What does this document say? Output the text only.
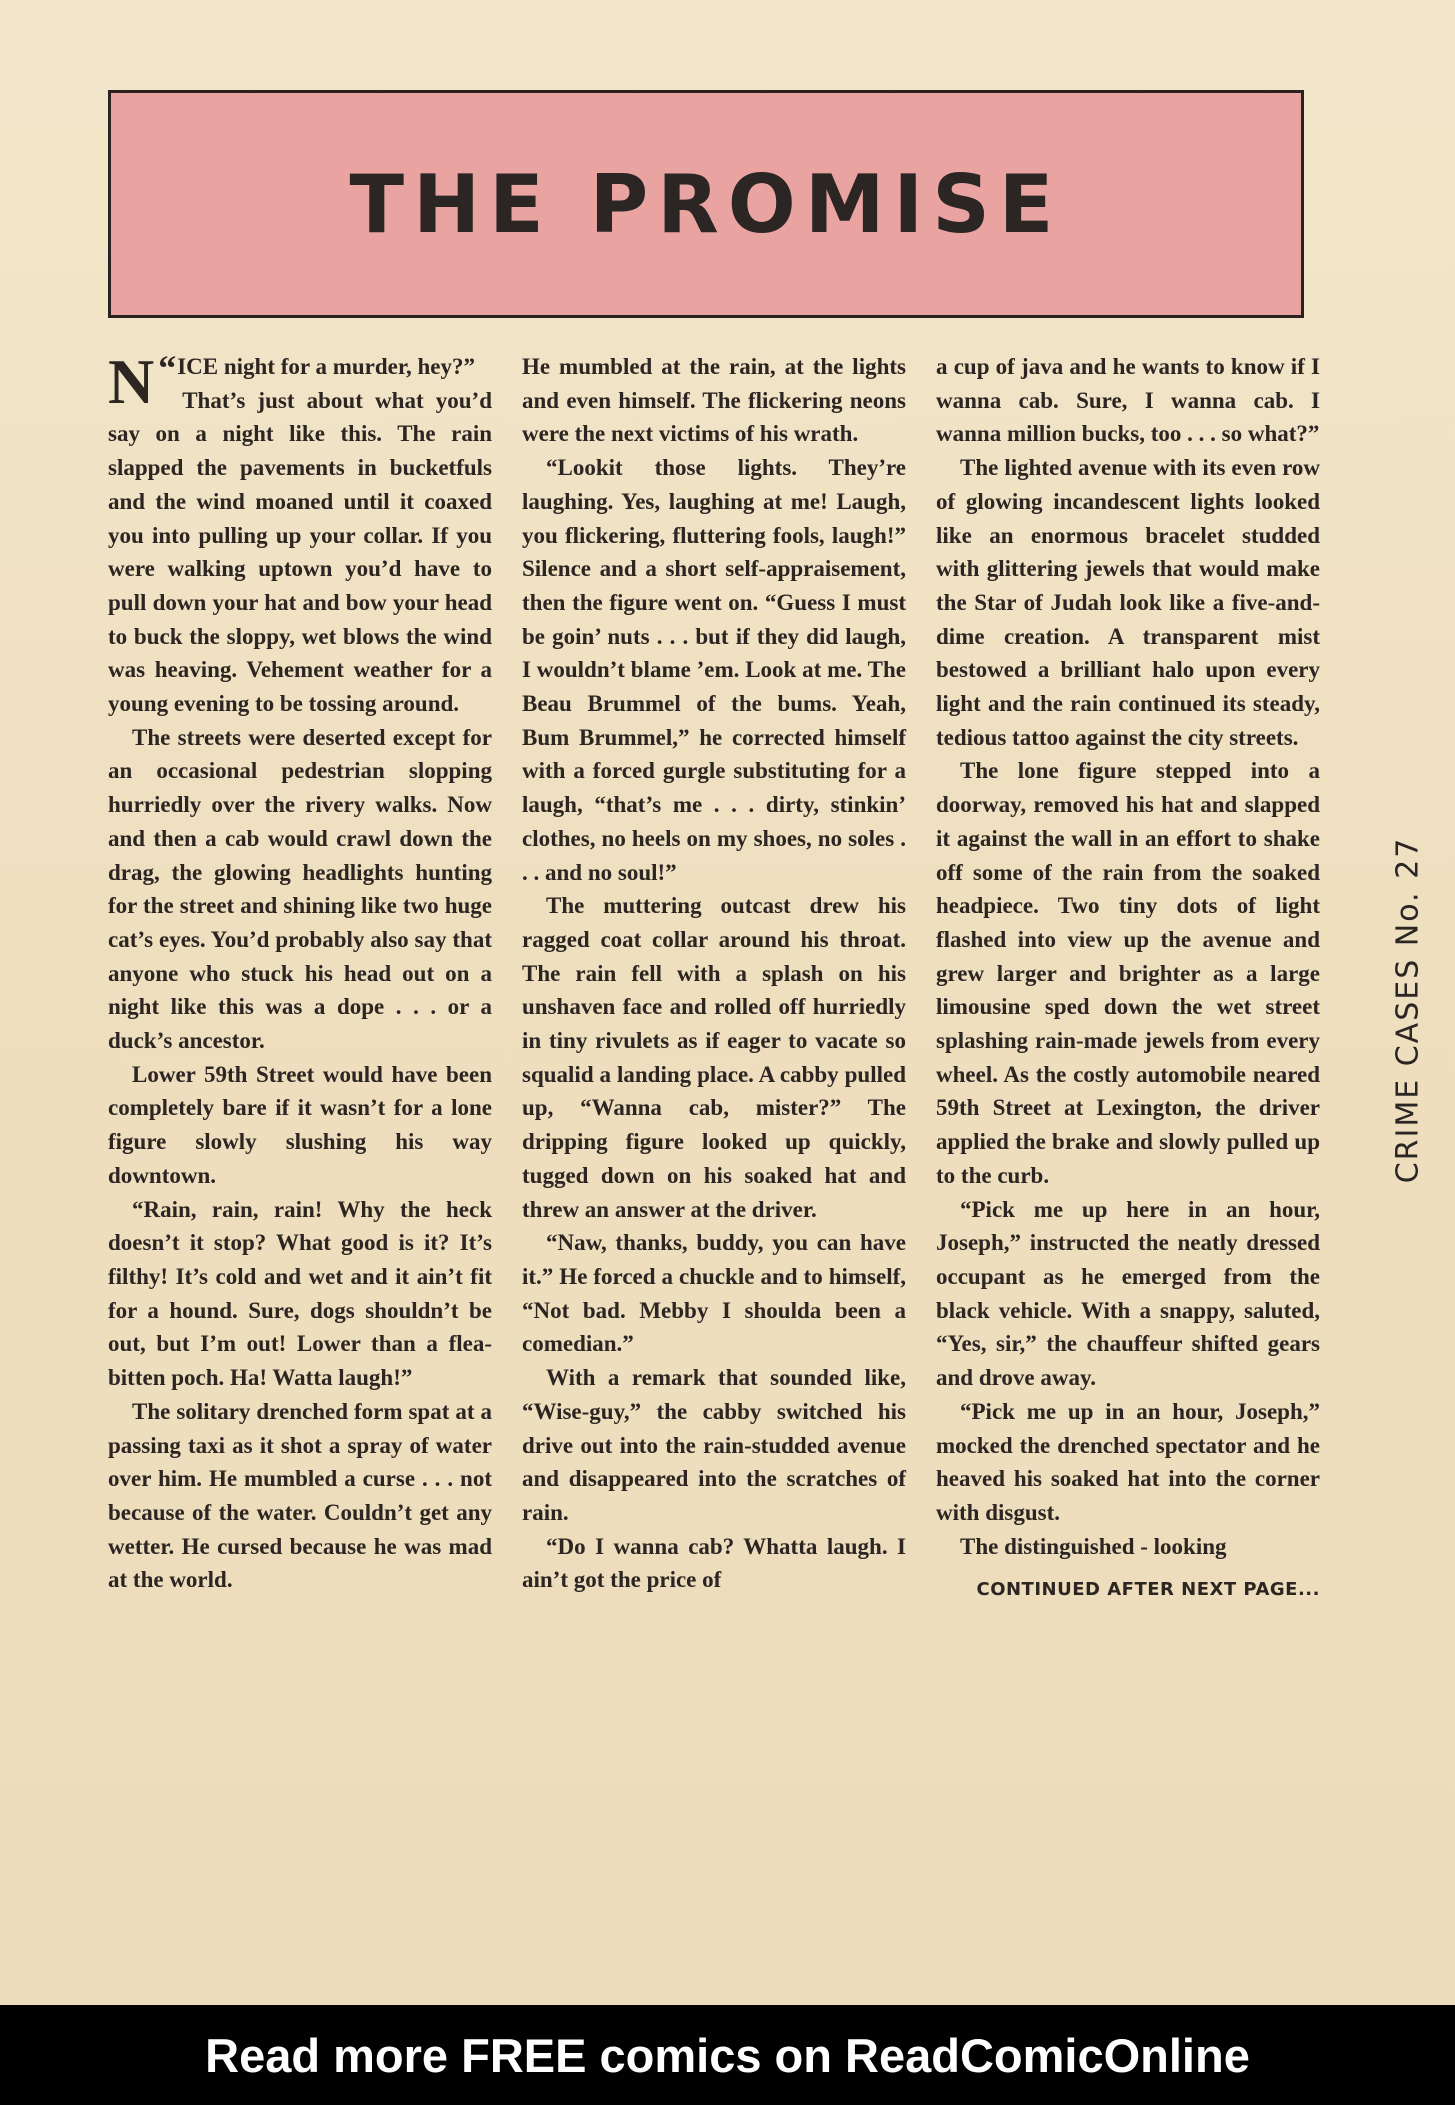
THE PROMISE

“
N ICE night for a murder, hey?”

That’s just about what you’d say on a night like this. The rain slapped the pavements in bucketfuls and the wind moaned until it coaxed you into pulling up your collar. If you were walking uptown you’d have to pull down your hat and bow your head to buck the sloppy, wet blows the wind was heaving. Vehement weather for a young evening to be tossing around.

The streets were deserted except for an occasional pedestrian slopping hurriedly over the rivery walks. Now and then a cab would crawl down the drag, the glowing headlights hunting for the street and shining like two huge cat’s eyes. You’d probably also say that anyone who stuck his head out on a night like this was a dope . . . or a duck’s ancestor.

Lower 59th Street would have been completely bare if it wasn’t for a lone figure slowly slushing his way downtown.

“Rain, rain, rain! Why the heck doesn’t it stop? What good is it? It’s filthy! It’s cold and wet and it ain’t fit for a hound. Sure, dogs shouldn’t be out, but I’m out! Lower than a flea-bitten poch. Ha! Watta laugh!”

The solitary drenched form spat at a passing taxi as it shot a spray of water over him. He mumbled a curse . . . not because of the water. Couldn’t get any wetter. He cursed because he was mad at the world.

He mumbled at the rain, at the lights and even himself. The flickering neons were the next victims of his wrath.

“Lookit those lights. They’re laughing. Yes, laughing at me! Laugh, you flickering, fluttering fools, laugh!” Silence and a short self-appraisement, then the figure went on. “Guess I must be goin’ nuts . . . but if they did laugh, I wouldn’t blame ’em. Look at me. The Beau Brummel of the bums. Yeah, Bum Brummel,” he corrected himself with a forced gurgle substituting for a laugh, “that’s me . . . dirty, stinkin’ clothes, no heels on my shoes, no soles . . . and no soul!”

The muttering outcast drew his ragged coat collar around his throat. The rain fell with a splash on his unshaven face and rolled off hurriedly in tiny rivulets as if eager to vacate so squalid a landing place. A cabby pulled up, “Wanna cab, mister?” The dripping figure looked up quickly, tugged down on his soaked hat and threw an answer at the driver.

“Naw, thanks, buddy, you can have it.” He forced a chuckle and to himself, “Not bad. Mebby I shoulda been a comedian.”

With a remark that sounded like, “Wise-guy,” the cabby switched his drive out into the rain-studded avenue and disappeared into the scratches of rain.

“Do I wanna cab? Whatta laugh. I ain’t got the price of

a cup of java and he wants to know if I wanna cab. Sure, I wanna cab. I wanna million bucks, too . . . so what?”

The lighted avenue with its even row of glowing incandescent lights looked like an enormous bracelet studded with glittering jewels that would make the Star of Judah look like a five-and-dime creation. A transparent mist bestowed a brilliant halo upon every light and the rain continued its steady, tedious tattoo against the city streets.

The lone figure stepped into a doorway, removed his hat and slapped it against the wall in an effort to shake off some of the rain from the soaked headpiece. Two tiny dots of light flashed into view up the avenue and grew larger and brighter as a large limousine sped down the wet street splashing rain-made jewels from every wheel. As the costly automobile neared 59th Street at Lexington, the driver applied the brake and slowly pulled up to the curb.

“Pick me up here in an hour, Joseph,” instructed the neatly dressed occupant as he emerged from the black vehicle. With a snappy, saluted, “Yes, sir,” the chauffeur shifted gears and drove away.

“Pick me up in an hour, Joseph,” mocked the drenched spectator and he heaved his soaked hat into the corner with disgust.

The distinguished - looking

CONTINUED AFTER NEXT PAGE...
CRIME CASES No. 27
Read more FREE comics on ReadComicOnline
